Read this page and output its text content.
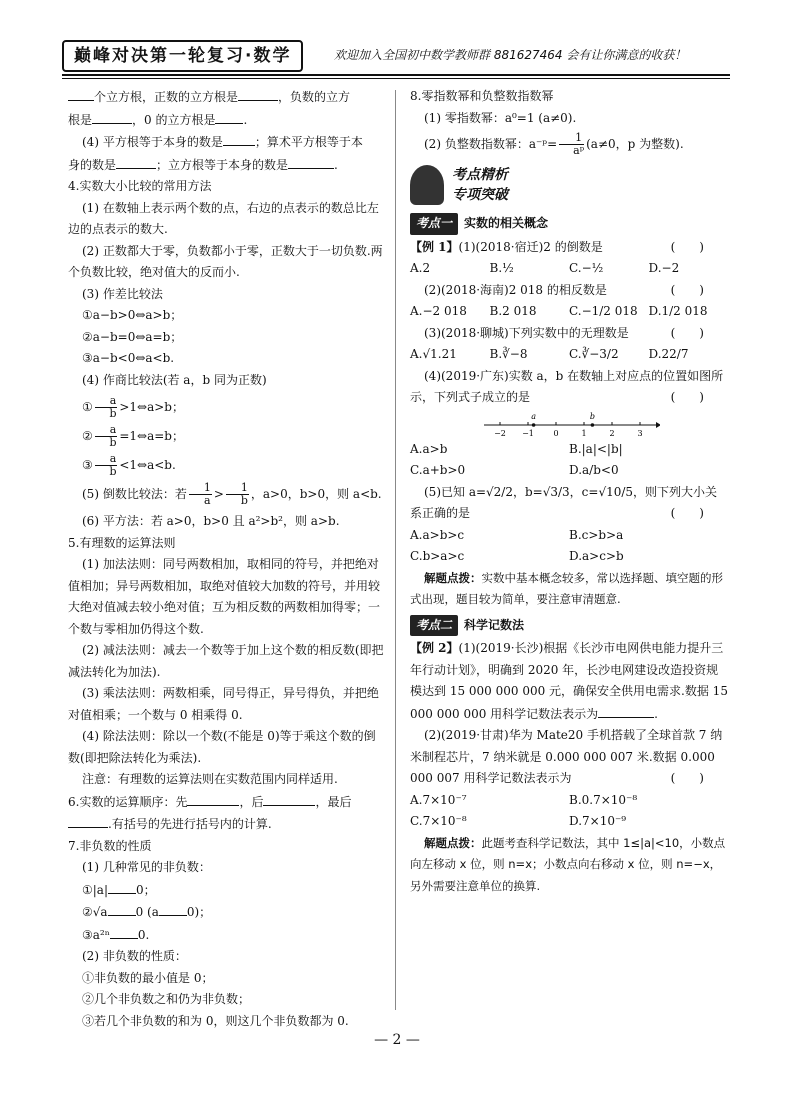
巅峰对决第一轮复习·数学	欢迎加入全国初中数学教师群 881627464 会有让你满意的收获！

个立方根，正数的立方根是	，负数的立方

根是	，0 的立方根是 .

(4) 平方根等于本身的数是	；算术平方根等于本

身的数是	；立方根等于本身的数是	.

4.实数大小比较的常用方法

(1) 在数轴上表示两个数的点，右边的点表示的数总比左边的点表示的数大.

(2) 正数都大于零，负数都小于零，正数大于一切负数.两个负数比较，绝对值大的反而小.

(3) 作差比较法

①a−b>0⇔a>b；

②a−b=0⇔a=b；

③a−b<0⇔a<b.

(4) 作商比较法(若 a，b 同为正数)

① $\frac{a}{b}$ >1⇔a>b；

② $\frac{a}{b}$ =1⇔a=b；

③ $\frac{a}{b}$ <1⇔a<b.

(5) 倒数比较法：若 $\frac{1}{a} > \frac{1}{b}$ ，a>0，b>0，则 a<b.

(6) 平方法：若 a>0，b>0 且 a²>b²，则 a>b.

5.有理数的运算法则

(1) 加法法则：同号两数相加，取相同的符号，并把绝对值相加；异号两数相加，取绝对值较大加数的符号，并用较大绝对值减去较小绝对值；互为相反数的两数相加得零；一个数与零相加仍得这个数.

(2) 减法法则：减去一个数等于加上这个数的相反数(即把减法转化为加法).

(3) 乘法法则：两数相乘，同号得正，异号得负，并把绝对值相乘；一个数与 0 相乘得 0.

(4) 除法法则：除以一个数(不能是 0)等于乘这个数的倒数(即把除法转化为乘法).

注意：有理数的运算法则在实数范围内同样适用.

6.实数的运算顺序：先	，后	，最后

.有括号的先进行括号内的计算.

7.非负数的性质

(1) 几种常见的非负数：

①|a| 0；

②√a 0 (a 0)；

③a²ⁿ 0.

(2) 非负数的性质：

①非负数的最小值是 0；

②几个非负数之和仍为非负数；

③若几个非负数的和为 0，则这几个非负数都为 0.

8.零指数幂和负整数指数幂

(1) 零指数幂：a⁰=1 (a≠0).

(2) 负整数指数幂：a⁻ᵖ= $\frac{1}{\text{aᵖ}} (a\ne 0$，p 为整数).

考点精析
专项突破
考点一	实数的相关概念

【例 1】(1)(2018·宿迁)2 的倒数是	(　　)

A.2	B.½	C.−½	D.−2

(2)(2018·海南)2 018 的相反数是	(　　)

A.−2 018	B.2 018	C.−1/2 018 D.1/2 018

(3)(2018·聊城)下列实数中的无理数是	(　　)

A.√1.21	B.∛−8	C.∛−3/2	D.22/7

(4)(2019·广东)实数 a，b 在数轴上对应点的位置如图所示，下列式子成立的是	(　　)

−2 −1 0	1	2	3
a	b
A.a>b	B.|a|<|b|
C.a+b>0	D.a/b<0

(5)已知 a=√2/2，b=√3/3，c=√10/5，则下列大小关系正确的是	(　　)

A.a>b>c	B.c>b>a
C.b>a>c	D.a>c>b

解题点拨：实数中基本概念较多，常以选择题、填空题的形式出现，题目较为简单，要注意审清题意.

考点二	科学记数法

【例 2】(1)(2019·长沙)根据《长沙市电网供电能力提升三年行动计划》，明确到 2020 年，长沙电网建设改造投资规模达到 15 000 000 000 元，确保安全供用电需求.数据 15 000 000 000 用科学记数法表示为	.

(2)(2019·甘肃)华为 Mate20 手机搭载了全球首款 7 纳米制程芯片，7 纳米就是 0.000 000 007 米.数据 0.000 000 007 用科学记数法表示为	(　　)

A.7×10⁻⁷	B.0.7×10⁻⁸
C.7×10⁻⁸	D.7×10⁻⁹

解题点拨：此题考查科学记数法，其中 1≤|a|<10，小数点向左移动 x 位，则 n=x；小数点向右移动 x 位，则 n=−x，另外需要注意单位的换算.

— 2 —
